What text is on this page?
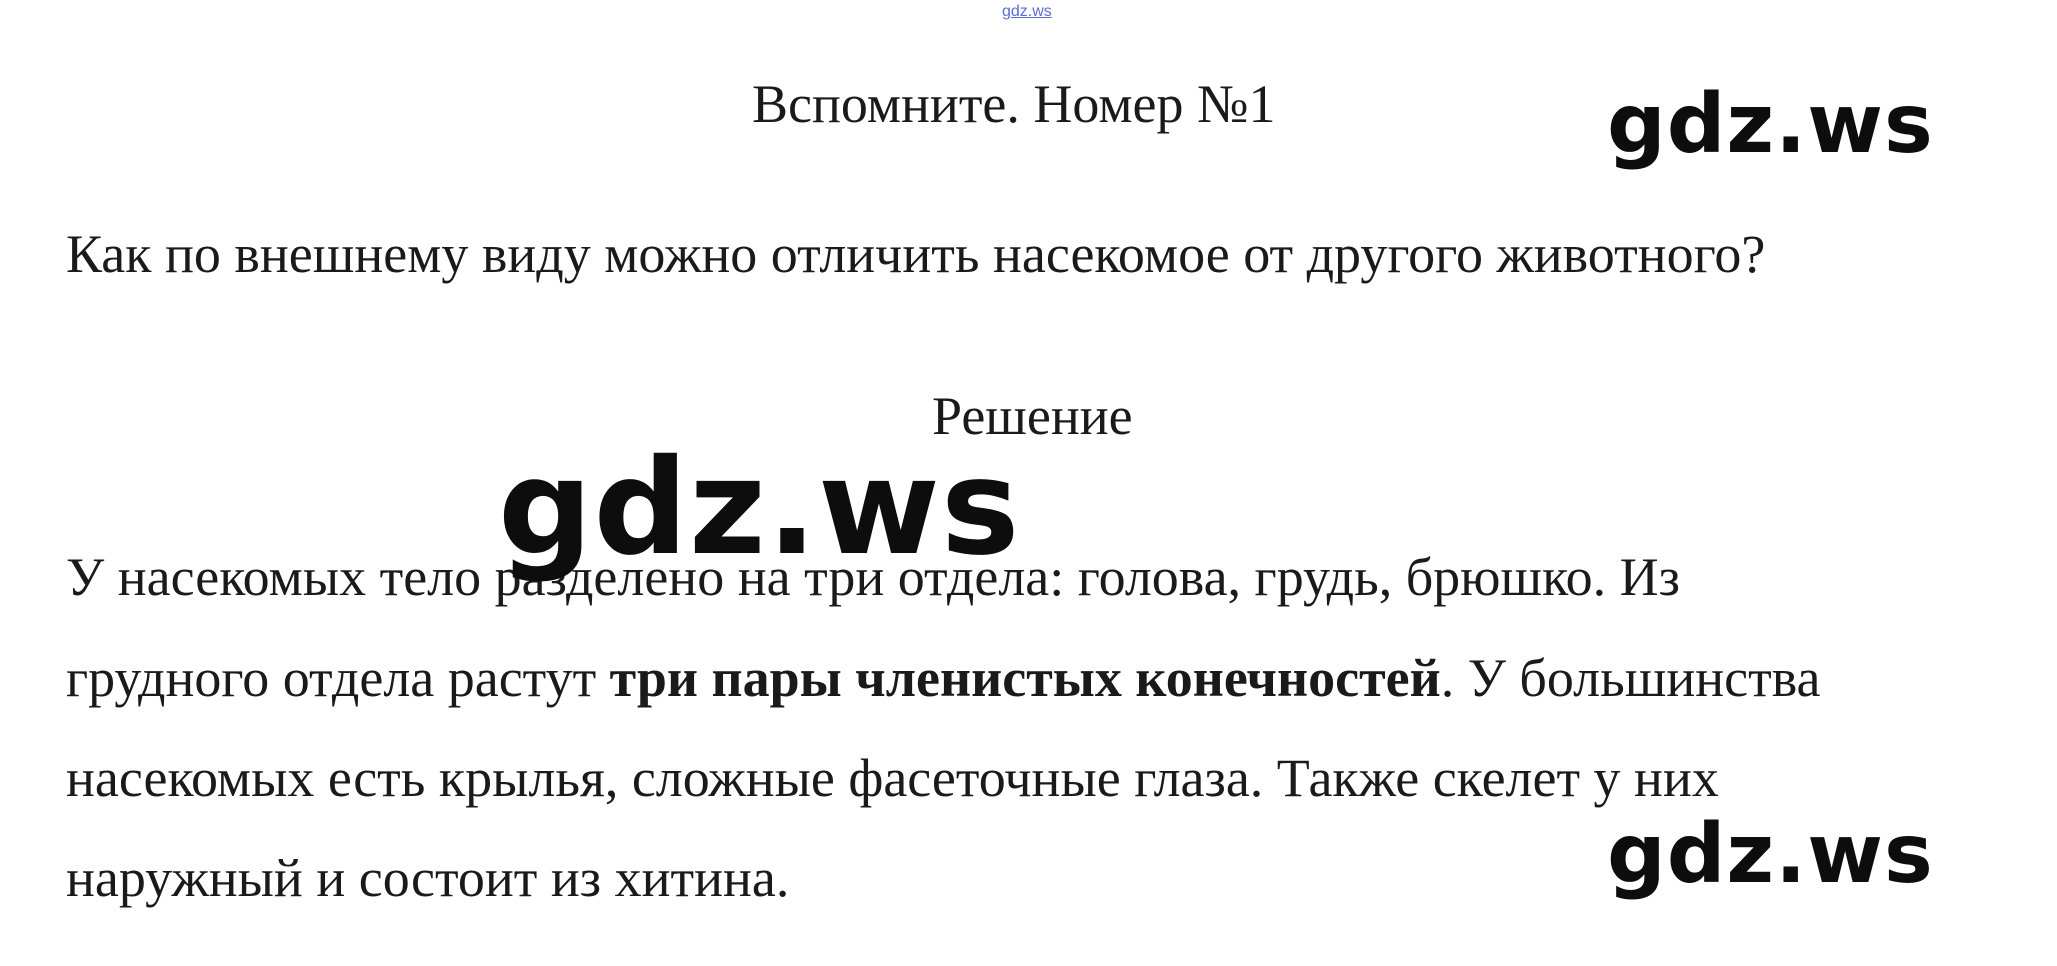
gdz.ws
Вспомните. Номер №1
Как по внешнему виду можно отличить насекомое от другого животного?
Решение
У насекомых тело разделено на три отдела: голова, грудь, брюшко. Из
грудного отдела растут три пары членистых конечностей. У большинства
насекомых есть крылья, сложные фасеточные глаза. Также скелет у них
наружный и состоит из хитина.
gdz.ws
gdz.ws
gdz.ws
